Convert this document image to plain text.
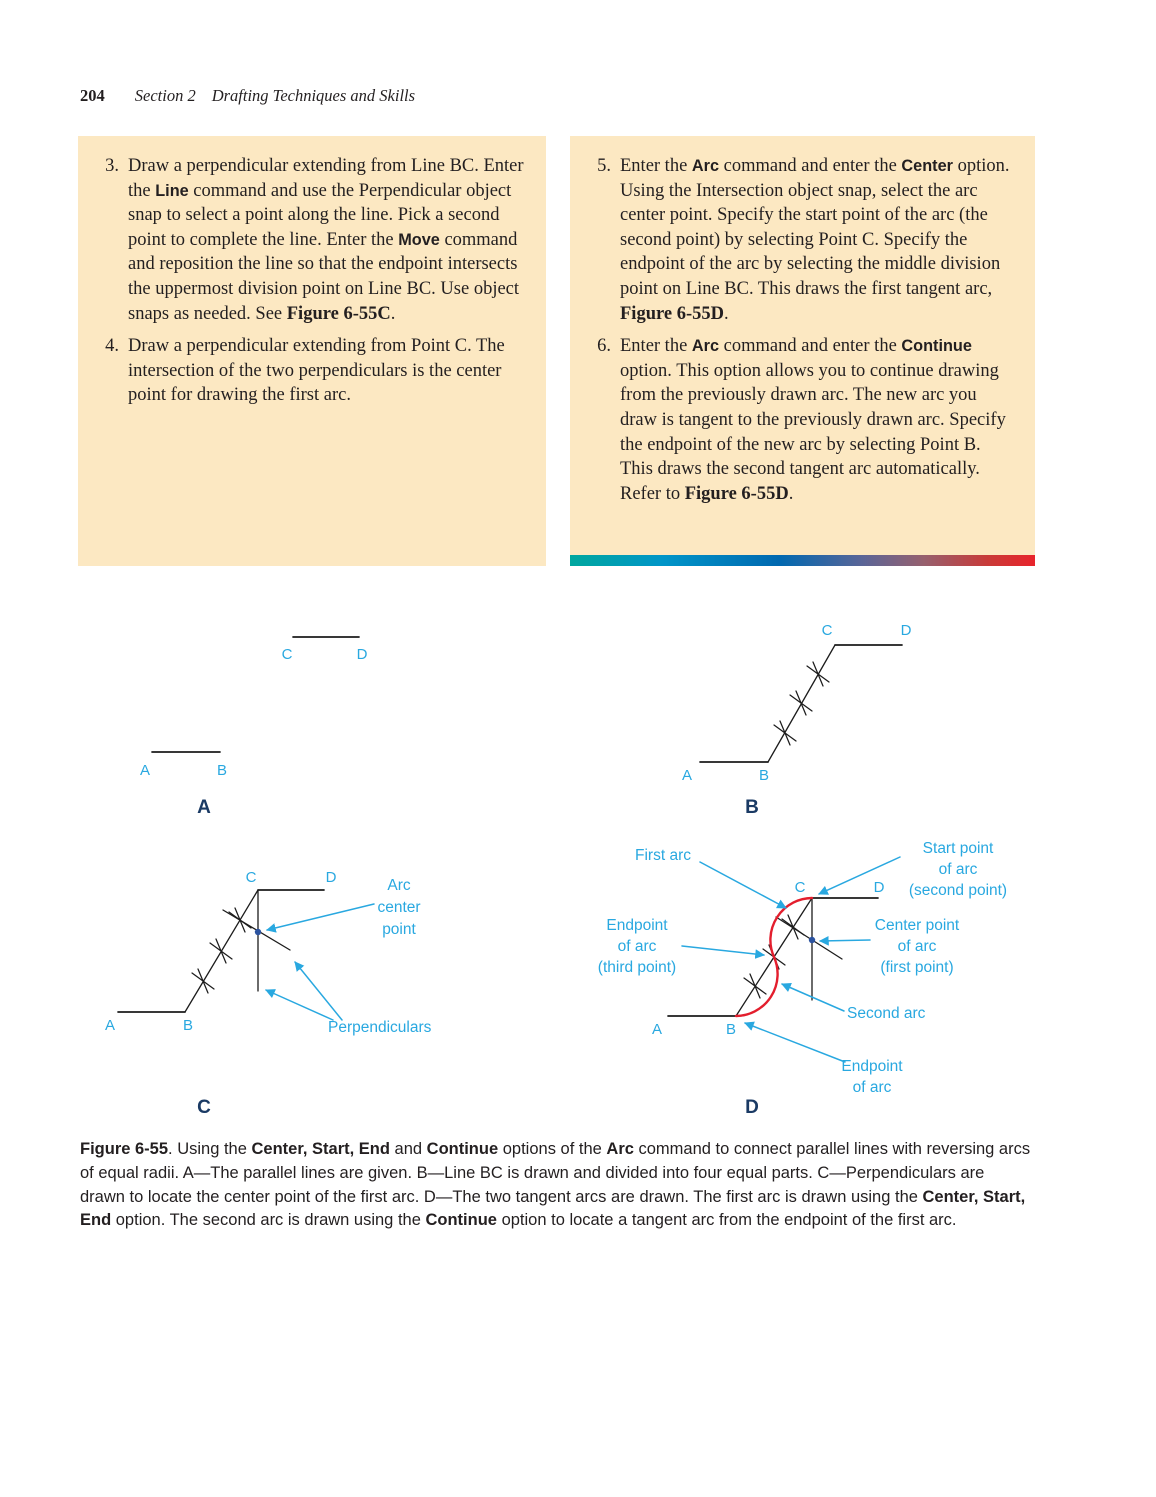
204 Section 2 Drafting Techniques and Skills
3. Draw a perpendicular extending from Line BC. Enter the Line command and use the Perpendicular object snap to select a point along the line. Pick a second point to complete the line. Enter the Move command and reposition the line so that the endpoint intersects the uppermost division point on Line BC. Use object snaps as needed. See Figure 6-55C.
4. Draw a perpendicular extending from Point C. The intersection of the two perpendiculars is the center point for drawing the first arc.
5. Enter the Arc command and enter the Center option. Using the Intersection object snap, select the arc center point. Specify the start point of the arc (the second point) by selecting Point C. Specify the endpoint of the arc by selecting the middle division point on Line BC. This draws the first tangent arc, Figure 6-55D.
6. Enter the Arc command and enter the Continue option. This option allows you to continue drawing from the previously drawn arc. The new arc you draw is tangent to the previously drawn arc. Specify the endpoint of the new arc by selecting Point B. This draws the second tangent arc automatically. Refer to Figure 6-55D.
C	D
A	B
A
C	D
A	B
B
C	D
A	B
Arc
center
point
Perpendiculars
C
C	D
A	B
First arc	Start point
of arc
(second point)
Endpoint
of arc
(third point)
Center point
of arc
(first point)
Second arc
Endpoint
of arc
D

Figure 6-55. Using the Center, Start, End and Continue options of the Arc command to connect parallel lines with reversing arcs of equal radii. A—The parallel lines are given. B—Line BC is drawn and divided into four equal parts. C—Perpendiculars are drawn to locate the center point of the first arc. D—The two tangent arcs are drawn. The first arc is drawn using the Center, Start, End option. The second arc is drawn using the Continue option to locate a tangent arc from the endpoint of the first arc.
